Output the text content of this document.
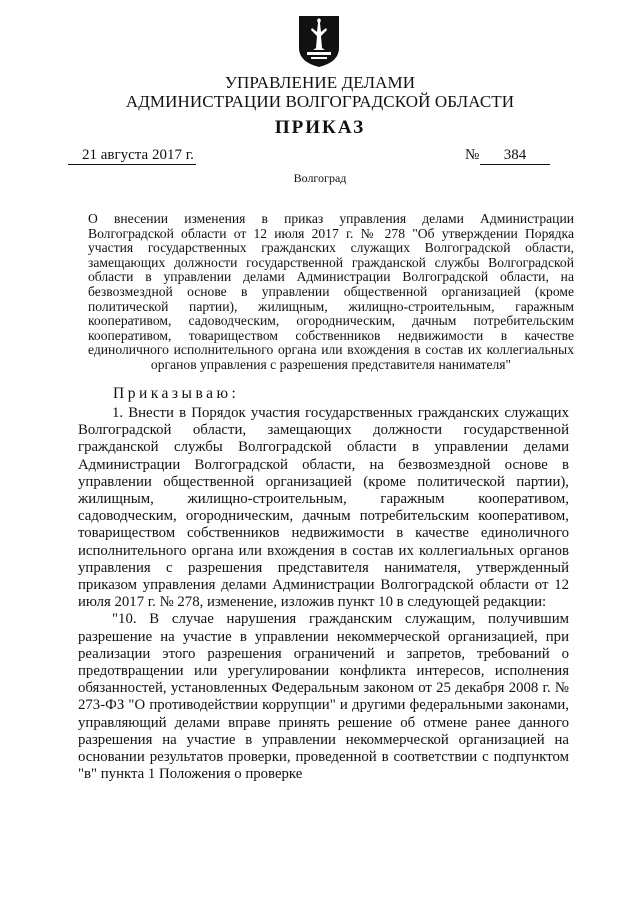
УПРАВЛЕНИЕ ДЕЛАМИ
АДМИНИСТРАЦИИ ВОЛГОГРАДСКОЙ ОБЛАСТИ
ПРИКАЗ
21 августа 2017 г.	№	384
Волгоград
О внесении изменения в приказ управления делами Администрации Волгоградской области от 12 июля 2017 г. № 278 "Об утверждении Порядка участия государственных гражданских служащих Волгоградской области, замещающих должности государственной гражданской службы Волгоградской области в управлении делами Администрации Волгоградской области, на безвозмездной основе в управлении общественной организацией (кроме политической партии), жилищным, жилищно-строительным, гаражным кооперативом, садоводческим, огородническим, дачным потребительским кооперативом, товариществом собственников недвижимости в качестве единоличного исполнительного органа или вхождения в состав их коллегиальных органов управления с разрешения представителя нанимателя"
Приказываю:

1. Внести в Порядок участия государственных гражданских служащих Волгоградской области, замещающих должности государственной гражданской службы Волгоградской области в управлении делами Администрации Волгоградской области, на безвозмездной основе в управлении общественной организацией (кроме политической партии), жилищным, жилищно-строительным, гаражным кооперативом, садоводческим, огородническим, дачным потребительским кооперативом, товариществом собственников недвижимости в качестве единоличного исполнительного органа или вхождения в состав их коллегиальных органов управления с разрешения представителя нанимателя, утвержденный приказом управления делами Администрации Волгоградской области от 12 июля 2017 г. № 278, изменение, изложив пункт 10 в следующей редакции:

"10. В случае нарушения гражданским служащим, получившим разрешение на участие в управлении некоммерческой организацией, при реализации этого разрешения ограничений и запретов, требований о предотвращении или урегулировании конфликта интересов, исполнения обязанностей, установленных Федеральным законом от 25 декабря 2008 г. № 273-ФЗ "О противодействии коррупции" и другими федеральными законами, управляющий делами вправе принять решение об отмене ранее данного разрешения на участие в управлении некоммерческой организацией на основании результатов проверки, проведенной в соответствии с подпунктом "в" пункта 1 Положения о проверке
